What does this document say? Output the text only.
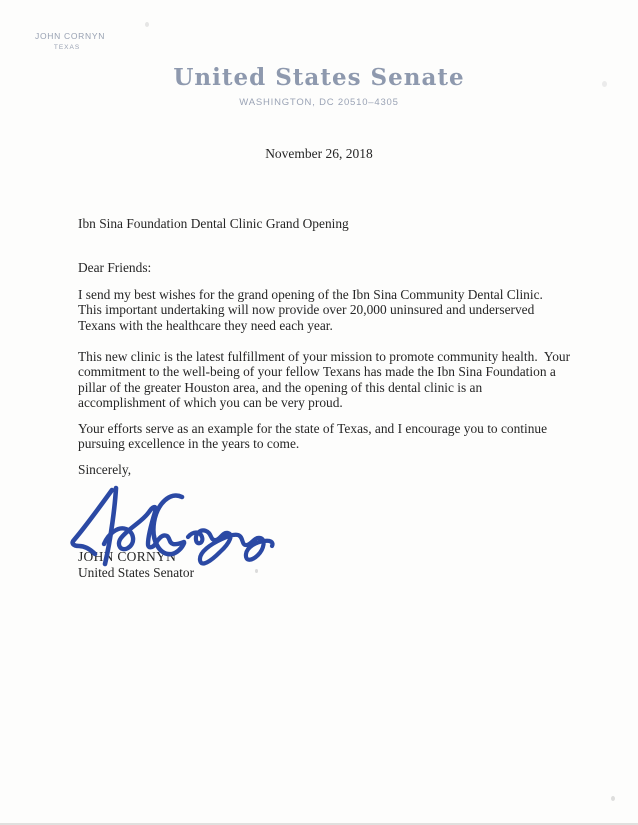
JOHN CORNYN
TEXAS
United States Senate
WASHINGTON, DC 20510–4305
November 26, 2018
Ibn Sina Foundation Dental Clinic Grand Opening
Dear Friends:
I send my best wishes for the grand opening of the Ibn Sina Community Dental Clinic.  This important undertaking will now provide over 20,000 uninsured and underserved Texans with the healthcare they need each year.
This new clinic is the latest fulfillment of your mission to promote community health.  Your commitment to the well-being of your fellow Texans has made the Ibn Sina Foundation a pillar of the greater Houston area, and the opening of this dental clinic is an accomplishment of which you can be very proud.
Your efforts serve as an example for the state of Texas, and I encourage you to continue pursuing excellence in the years to come.
Sincerely,
JOHN CORNYN
United States Senator
